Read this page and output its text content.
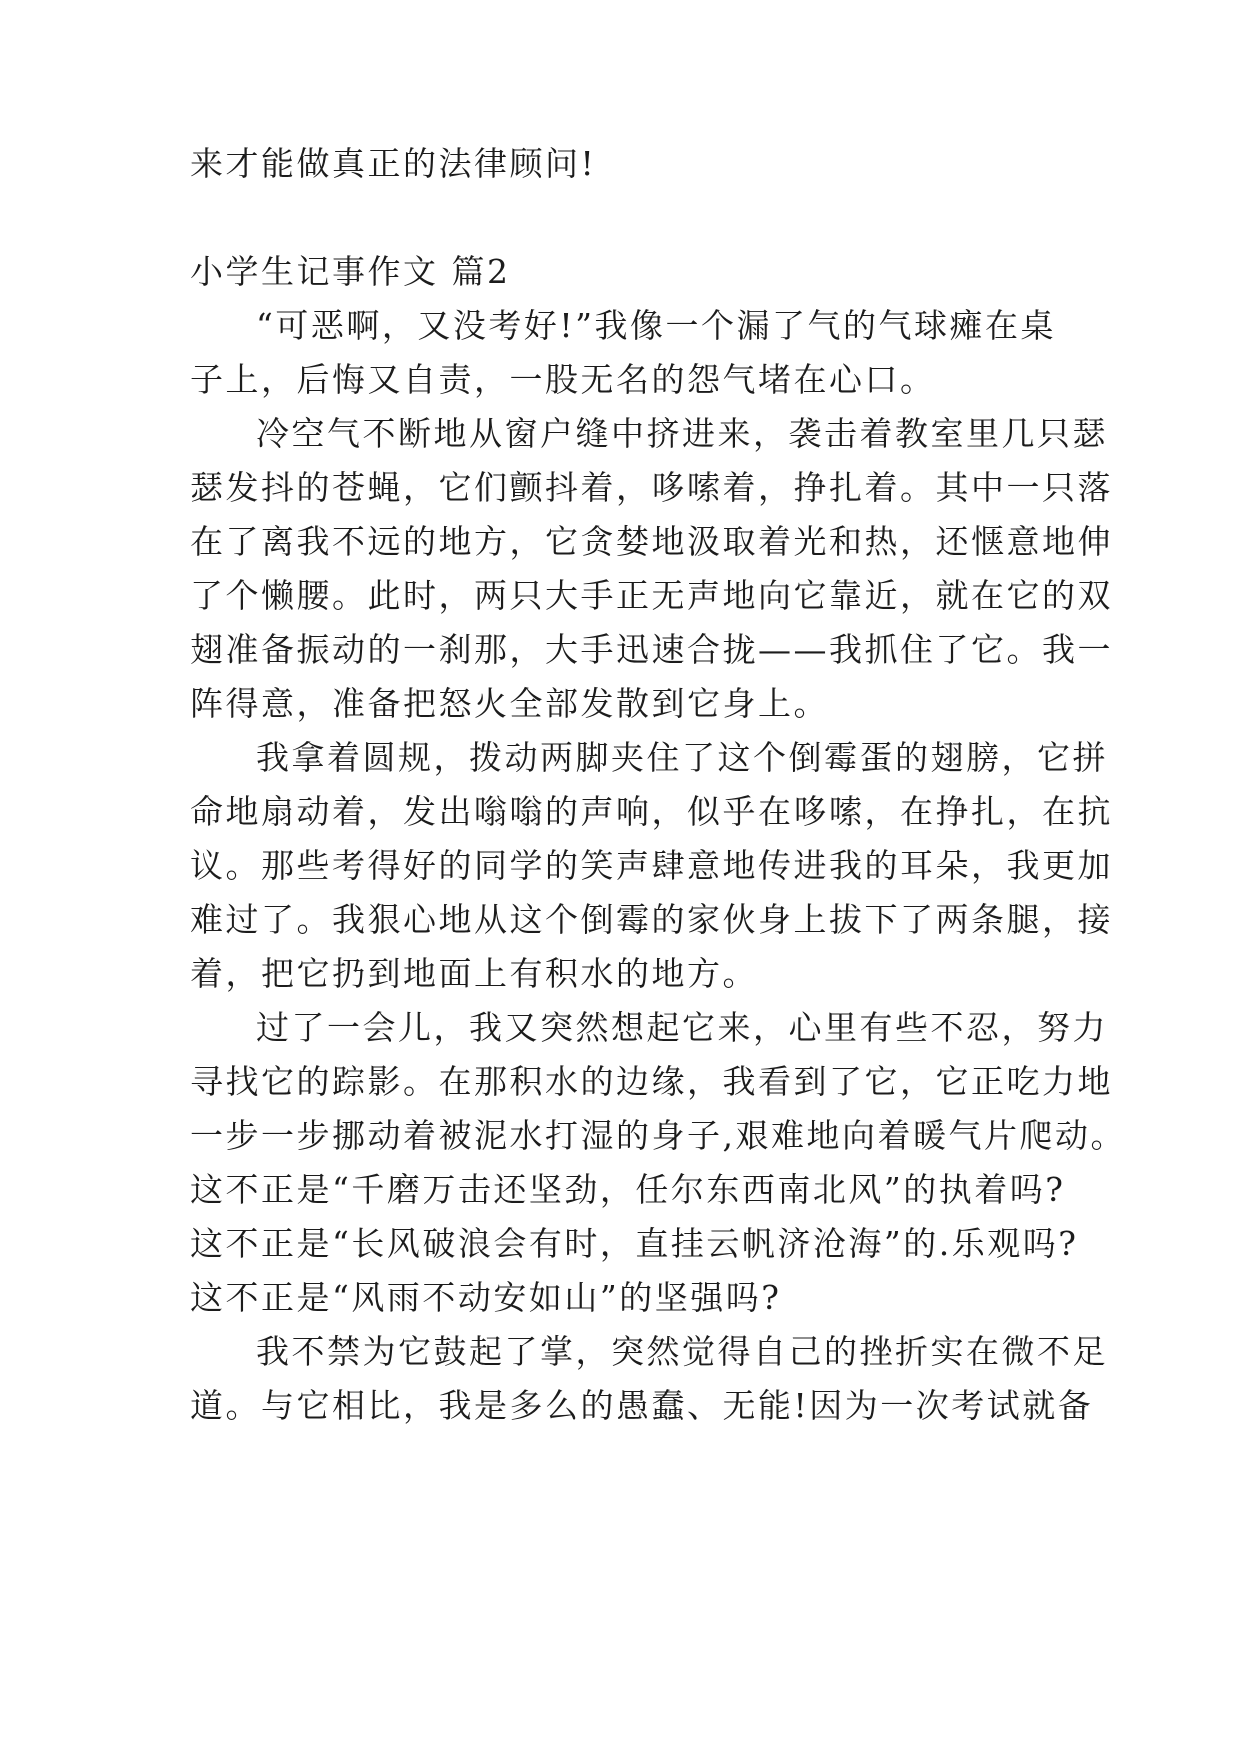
来才能做真正的法律顾问!
小学生记事作文 篇2
“可恶啊，又没考好!”我像一个漏了气的气球瘫在桌
子上，后悔又自责，一股无名的怨气堵在心口。
冷空气不断地从窗户缝中挤进来，袭击着教室里几只瑟
瑟发抖的苍蝇，它们颤抖着，哆嗦着，挣扎着。其中一只落
在了离我不远的地方，它贪婪地汲取着光和热，还惬意地伸
了个懒腰。此时，两只大手正无声地向它靠近，就在它的双
翅准备振动的一刹那，大手迅速合拢——我抓住了它。我一
阵得意，准备把怒火全部发散到它身上。
我拿着圆规，拨动两脚夹住了这个倒霉蛋的翅膀，它拼
命地扇动着，发出嗡嗡的声响，似乎在哆嗦，在挣扎，在抗
议。那些考得好的同学的笑声肆意地传进我的耳朵，我更加
难过了。我狠心地从这个倒霉的家伙身上拔下了两条腿，接
着，把它扔到地面上有积水的地方。
过了一会儿，我又突然想起它来，心里有些不忍，努力
寻找它的踪影。在那积水的边缘，我看到了它，它正吃力地
一步一步挪动着被泥水打湿的身子,艰难地向着暖气片爬动。
这不正是“千磨万击还坚劲，任尔东西南北风”的执着吗?
这不正是“长风破浪会有时，直挂云帆济沧海”的.乐观吗?
这不正是“风雨不动安如山”的坚强吗?
我不禁为它鼓起了掌，突然觉得自己的挫折实在微不足
道。与它相比，我是多么的愚蠢、无能!因为一次考试就备
